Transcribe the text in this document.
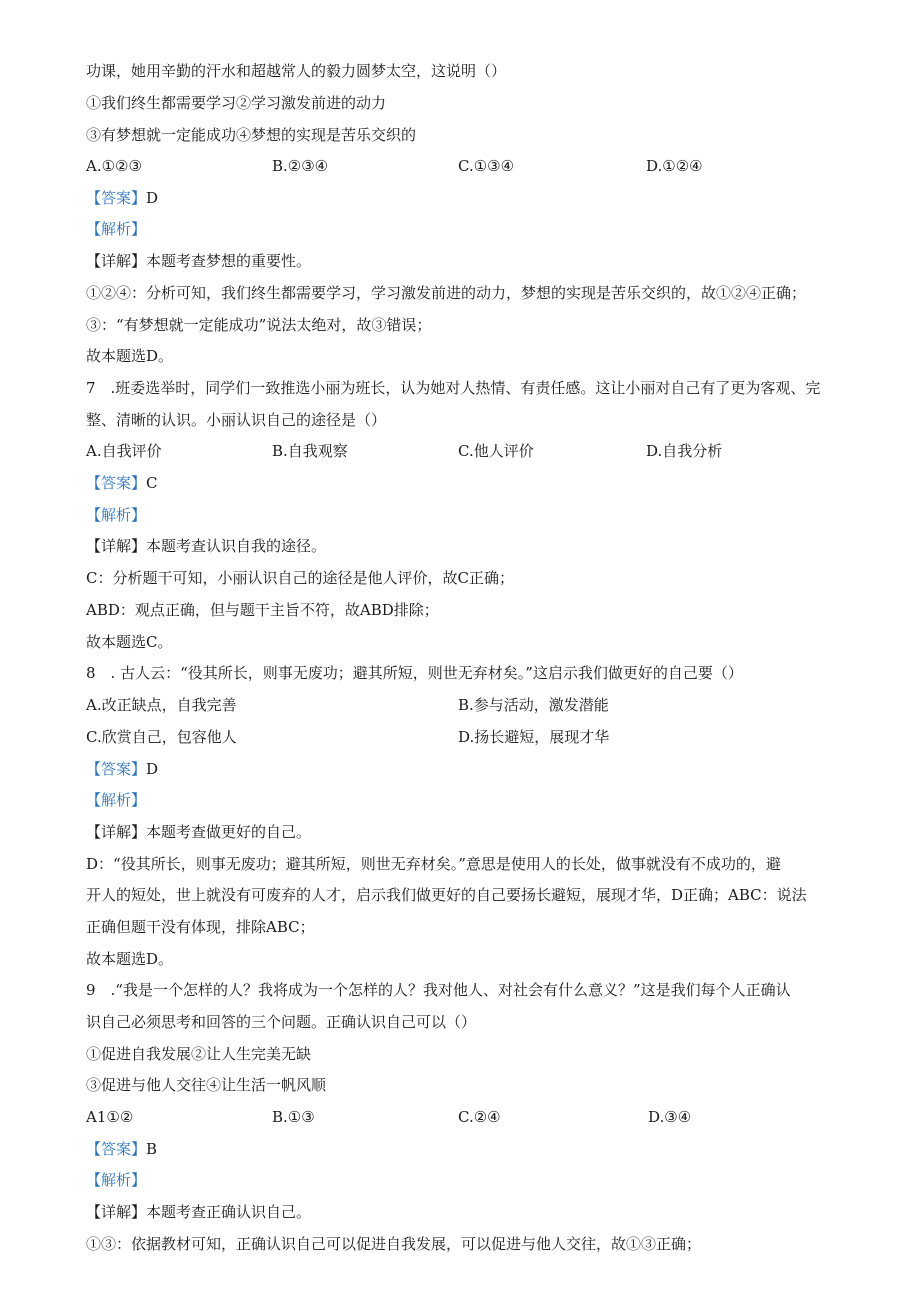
功课，她用辛勤的汗水和超越常人的毅力圆梦太空，这说明（）
①我们终生都需要学习②学习激发前进的动力
③有梦想就一定能成功④梦想的实现是苦乐交织的
A.①②③	B.②③④	C.①③④	D.①②④
【答案】D
【解析】
【详解】本题考查梦想的重要性。
①②④：分析可知，我们终生都需要学习，学习激发前进的动力，梦想的实现是苦乐交织的，故①②④正确；
③：“有梦想就一定能成功”说法太绝对，故③错误；
故本题选D。
7　.班委选举时，同学们一致推选小丽为班长，认为她对人热情、有责任感。这让小丽对自己有了更为客观、完
整、清晰的认识。小丽认识自己的途径是（）
A.自我评价	B.自我观察	C.他人评价	D.自我分析
【答案】C
【解析】
【详解】本题考查认识自我的途径。
C：分析题干可知，小丽认识自己的途径是他人评价，故C正确；
ABD：观点正确，但与题干主旨不符，故ABD排除；
故本题选C。
8　. 古人云：“役其所长，则事无废功；避其所短，则世无弃材矣。”这启示我们做更好的自己要（）
A.改正缺点，自我完善	B.参与活动，激发潜能
C.欣赏自己，包容他人	D.扬长避短，展现才华
【答案】D
【解析】
【详解】本题考查做更好的自己。
D：“役其所长，则事无废功；避其所短，则世无弃材矣。”意思是使用人的长处，做事就没有不成功的，避
开人的短处，世上就没有可废弃的人才，启示我们做更好的自己要扬长避短，展现才华，D正确；ABC：说法
正确但题干没有体现，排除ABC；
故本题选D。
9　.“我是一个怎样的人？我将成为一个怎样的人？我对他人、对社会有什么意义？”这是我们每个人正确认
识自己必须思考和回答的三个问题。正确认识自己可以（）
①促进自我发展②让人生完美无缺
③促进与他人交往④让生活一帆风顺
A1①②	B.①③	C.②④	D.③④
【答案】B
【解析】
【详解】本题考查正确认识自己。
①③：依据教材可知，正确认识自己可以促进自我发展，可以促进与他人交往，故①③正确；
